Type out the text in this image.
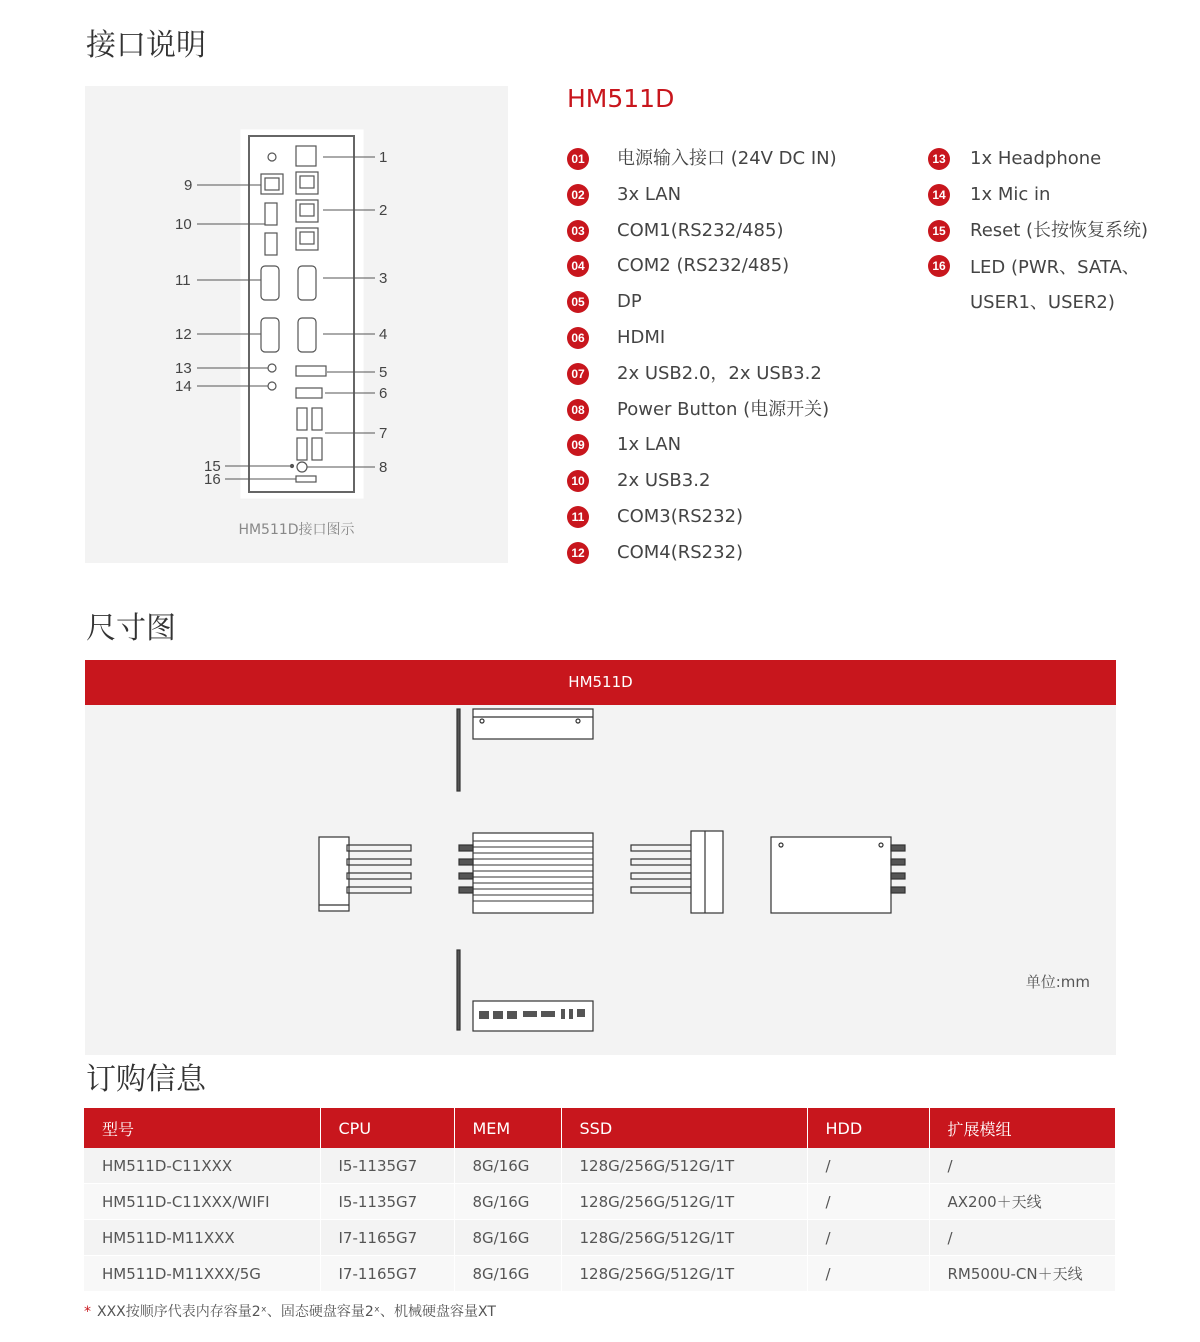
接口说明
1
2
3
4
5
6
7
8
9
10
11
12
13
14
15
16
HM511D接口图示
HM511D
01 电源输入接口 (24V DC IN)
02 3x LAN
03 COM1(RS232/485)
04 COM2 (RS232/485)
05 DP
06 HDMI
07 2x USB2.0，2x USB3.2
08 Power Button (电源开关)
09 1x LAN
10 2x USB3.2
11 COM3(RS232)
12 COM4(RS232)
13 1x Headphone
14 1x Mic in
15 Reset (长按恢复系统)
16 LED (PWR、SATA、USER1、USER2)
尺寸图
HM511D
单位:mm
订购信息
型号	CPU	MEM	SSD	HDD	扩展模组
HM511D-C11XXX	I5-1135G7	8G/16G	128G/256G/512G/1T	/	/
HM511D-C11XXX/WIFI	I5-1135G7	8G/16G	128G/256G/512G/1T	/	AX200＋天线
HM511D-M11XXX	I7-1165G7	8G/16G	128G/256G/512G/1T	/	/
HM511D-M11XXX/5G	I7-1165G7	8G/16G	128G/256G/512G/1T	/	RM500U-CN＋天线
* XXX按顺序代表内存容量2ˣ、固态硬盘容量2ˣ、机械硬盘容量XT
